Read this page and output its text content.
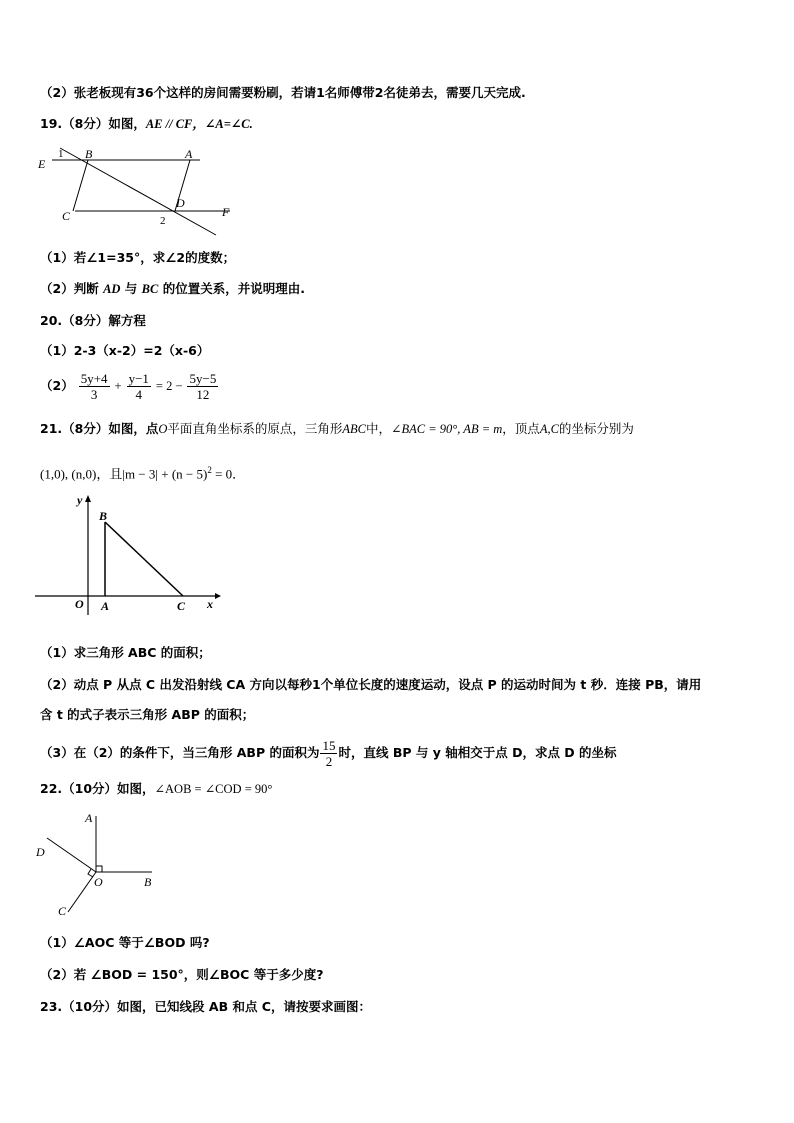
（2）张老板现有36个这样的房间需要粉刷，若请1名师傅带2名徒弟去，需要几天完成.
19.（8分）如图，AE // CF，∠A=∠C.
E
1 B	A
C	2
D
F
（1）若∠1=35°，求∠2的度数；
（2）判断 AD 与 BC 的位置关系，并说明理由.
20.（8分）解方程
（1）2-3（x-2）=2（x-6）
$(2) \frac{5y+4}{3} + \frac{y-1}{4} = 2 - \frac{5y-5}{12}$
21.（8分）如图，点O平面直角坐标系的原点，三角形ABC中，∠BAC = 90°, AB = m，顶点A,C的坐标分别为
(1,0), (n,0)，且$|m - 3| + (n - 5)^2 = 0$．
y
x
O A
B
C
（1）求三角形 ABC 的面积；
（2）动点 P 从点 C 出发沿射线 CA 方向以每秒1个单位长度的速度运动，设点 P 的运动时间为 t 秒．连接 PB，请用
含 t 的式子表示三角形 ABP 的面积；
（3）在（2）的条件下，当三角形 ABP 的面积为 $\frac{15}{2}$ 时，直线 BP 与 y 轴相交于点 D，求点 D 的坐标
22.（10分）如图，∠AOB = ∠COD = 90°
A
D
O	B
C
（1）∠AOC 等于∠BOD 吗?
（2）若 ∠BOD = 150°，则∠BOC 等于多少度?
23.（10分）如图，已知线段 AB 和点 C，请按要求画图：
